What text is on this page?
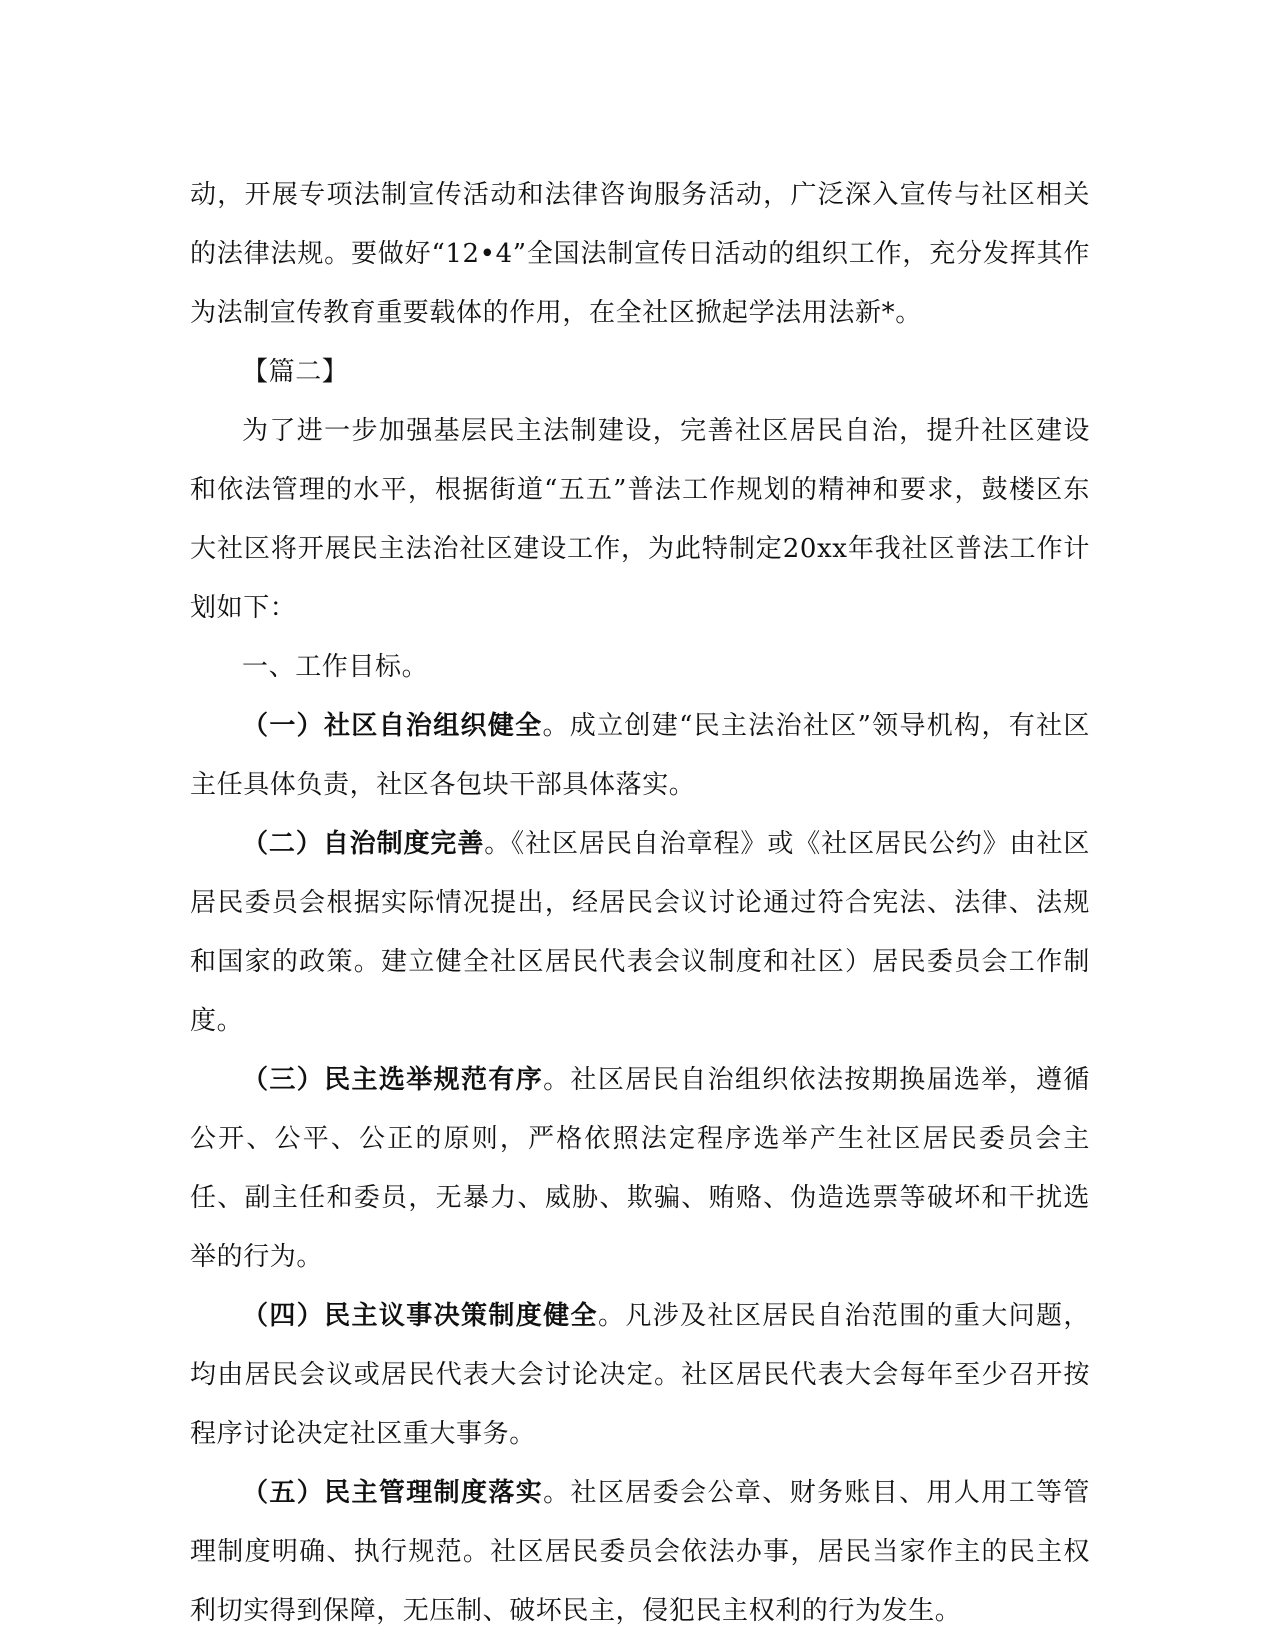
动，开展专项法制宣传活动和法律咨询服务活动，广泛深入宣传与社区相关的法律法规。要做好“12•4”全国法制宣传日活动的组织工作，充分发挥其作为法制宣传教育重要载体的作用，在全社区掀起学法用法新*。

【篇二】

为了进一步加强基层民主法制建设，完善社区居民自治，提升社区建设和依法管理的水平，根据街道“五五”普法工作规划的精神和要求，鼓楼区东大社区将开展民主法治社区建设工作，为此特制定20xx年我社区普法工作计划如下：

一、工作目标。

（一）社区自治组织健全。成立创建“民主法治社区”领导机构，有社区主任具体负责，社区各包块干部具体落实。

（二）自治制度完善。《社区居民自治章程》或《社区居民公约》由社区居民委员会根据实际情况提出，经居民会议讨论通过符合宪法、法律、法规和国家的政策。建立健全社区居民代表会议制度和社区）居民委员会工作制度。

（三）民主选举规范有序。社区居民自治组织依法按期换届选举，遵循公开、公平、公正的原则，严格依照法定程序选举产生社区居民委员会主任、副主任和委员，无暴力、威胁、欺骗、贿赂、伪造选票等破坏和干扰选举的行为。

（四）民主议事决策制度健全。凡涉及社区居民自治范围的重大问题，均由居民会议或居民代表大会讨论决定。社区居民代表大会每年至少召开按程序讨论决定社区重大事务。

（五）民主管理制度落实。社区居委会公章、财务账目、用人用工等管理制度明确、执行规范。社区居民委员会依法办事，居民当家作主的民主权利切实得到保障，无压制、破坏民主，侵犯民主权利的行为发生。
